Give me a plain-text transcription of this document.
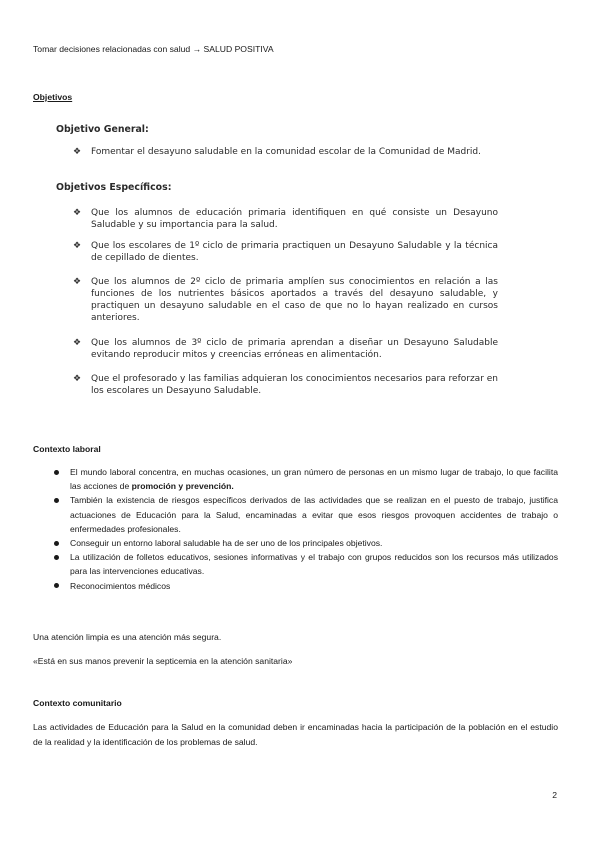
Tomar decisiones relacionadas con salud → SALUD POSITIVA
Objetivos
Objetivo General:
❖ Fomentar el desayuno saludable en la comunidad escolar de la Comunidad de Madrid.
Objetivos Específicos:
❖ Que los alumnos de educación primaria identifiquen en qué consiste un Desayuno Saludable y su importancia para la salud.
❖ Que los escolares de 1º ciclo de primaria practiquen un Desayuno Saludable y la técnica de cepillado de dientes.
❖ Que los alumnos de 2º ciclo de primaria amplíen sus conocimientos en relación a las funciones de los nutrientes básicos aportados a través del desayuno saludable, y practiquen un desayuno saludable en el caso de que no lo hayan realizado en cursos anteriores.
❖ Que los alumnos de 3º ciclo de primaria aprendan a diseñar un Desayuno Saludable evitando reproducir mitos y creencias erróneas en alimentación.
❖ Que el profesorado y las familias adquieran los conocimientos necesarios para reforzar en los escolares un Desayuno Saludable.
Contexto laboral
El mundo laboral concentra, en muchas ocasiones, un gran número de personas en un mismo lugar de trabajo, lo que facilita las acciones de promoción y prevención.
También la existencia de riesgos específicos derivados de las actividades que se realizan en el puesto de trabajo, justifica actuaciones de Educación para la Salud, encaminadas a evitar que esos riesgos provoquen accidentes de trabajo o enfermedades profesionales.
Conseguir un entorno laboral saludable ha de ser uno de los principales objetivos.
La utilización de folletos educativos, sesiones informativas y el trabajo con grupos reducidos son los recursos más utilizados para las intervenciones educativas.
Reconocimientos médicos
Una atención limpia es una atención más segura.
«Está en sus manos prevenir la septicemia en la atención sanitaria»
Contexto comunitario
Las actividades de Educación para la Salud en la comunidad deben ir encaminadas hacia la participación de la población en el estudio de la realidad y la identificación de los problemas de salud.
2
